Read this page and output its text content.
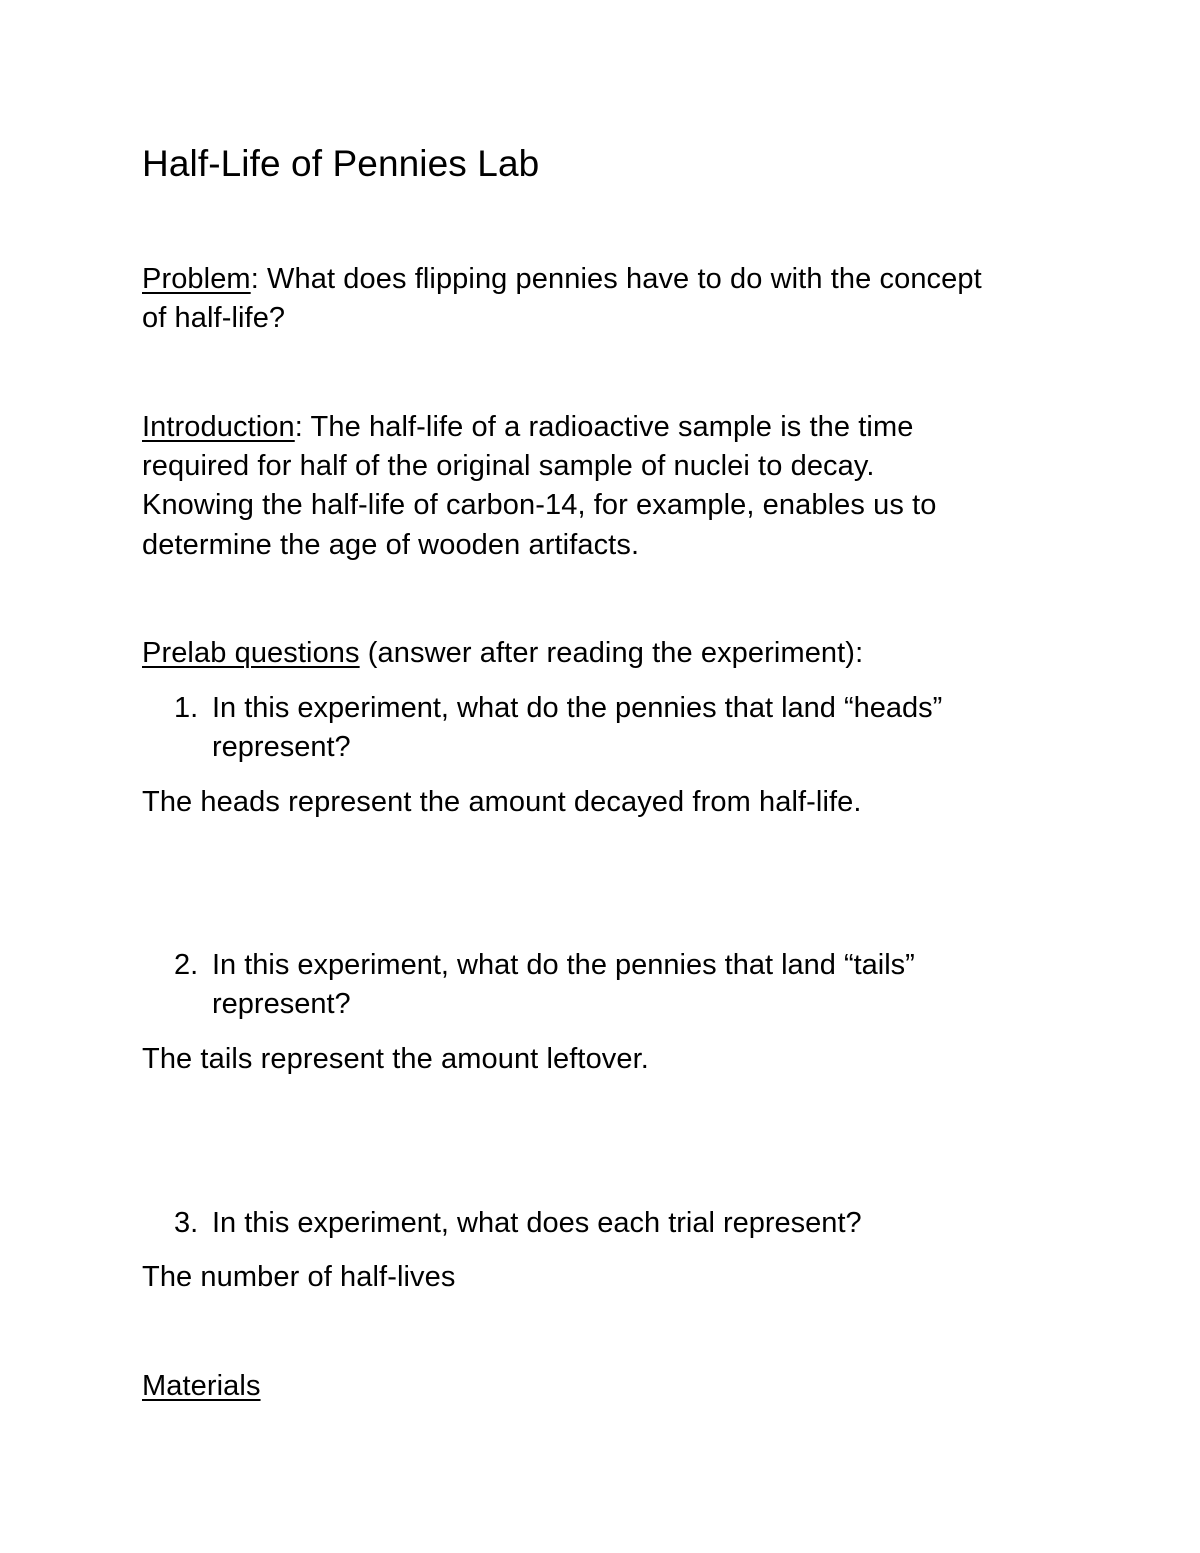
Half-Life of Pennies Lab
Problem: What does flipping pennies have to do with the concept
of half-life?
Introduction: The half-life of a radioactive sample is the time
required for half of the original sample of nuclei to decay.
Knowing the half-life of carbon-14, for example, enables us to
determine the age of wooden artifacts.
Prelab questions (answer after reading the experiment):
1. In this experiment, what do the pennies that land “heads”
represent?
The heads represent the amount decayed from half-life.
2. In this experiment, what do the pennies that land “tails”
represent?
The tails represent the amount leftover.
3. In this experiment, what does each trial represent?
The number of half-lives
Materials
